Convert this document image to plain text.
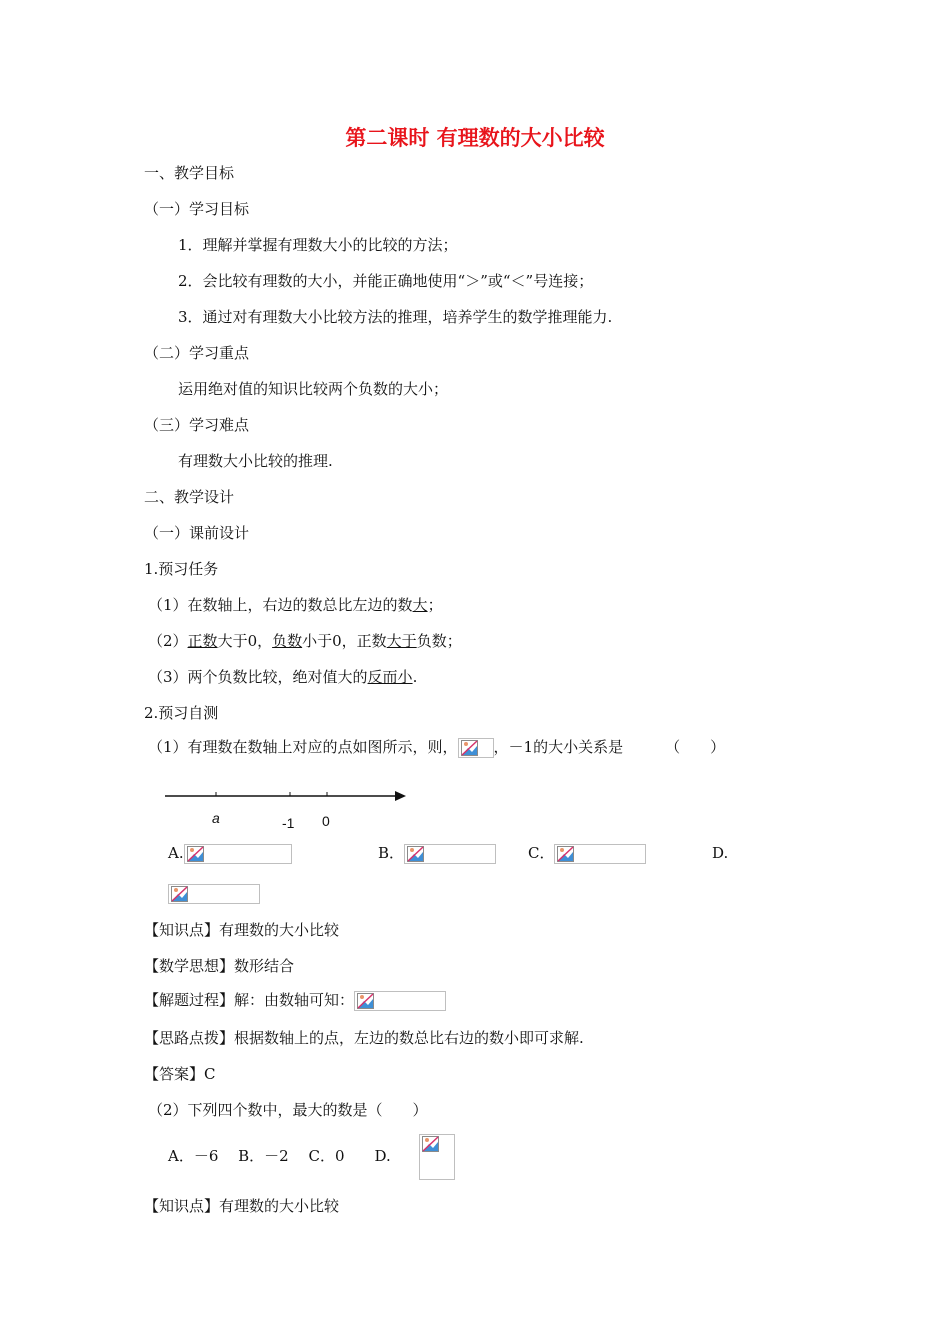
第二课时 有理数的大小比较
一、教学目标
（一）学习目标
1．理解并掌握有理数大小的比较的方法；
2．会比较有理数的大小，并能正确地使用“＞”或“＜”号连接；
3．通过对有理数大小比较方法的推理，培养学生的数学推理能力.
（二）学习重点
运用绝对值的知识比较两个负数的大小；
（三）学习难点
有理数大小比较的推理.
二、教学设计
（一）课前设计
1.预习任务
（1）在数轴上，右边的数总比左边的数大；
（2）正数大于0，负数小于0，正数大于负数；
（3）两个负数比较，绝对值大的反而小.
2.预习自测
（1）有理数在数轴上对应的点如图所示，则， ，－1的大小关系是	（　　）
a	-1 0
A.	B．	C．	D.
【知识点】有理数的大小比较
【数学思想】数形结合
【解题过程】解：由数轴可知：
【思路点拨】根据数轴上的点，左边的数总比右边的数小即可求解.
【答案】C
（2）下列四个数中，最大的数是（　　）
A．－6　 B．－2　 C．0　　D.
【知识点】有理数的大小比较
